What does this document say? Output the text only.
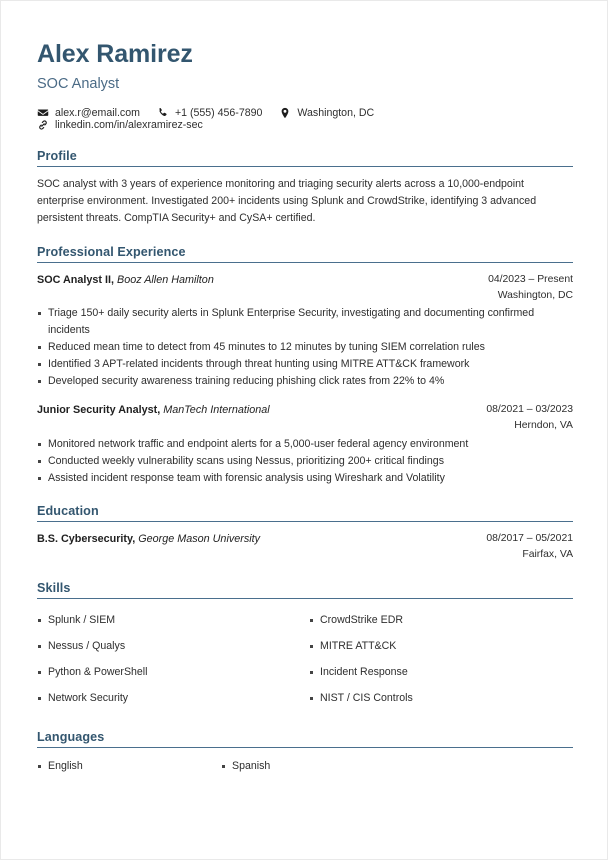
Alex Ramirez
SOC Analyst
alex.r@email.com	+1 (555) 456-7890	Washington, DC
linkedin.com/in/alexramirez-sec
Profile

SOC analyst with 3 years of experience monitoring and triaging security alerts across a 10,000-endpoint enterprise environment. Investigated 200+ incidents using Splunk and CrowdStrike, identifying 3 advanced persistent threats. CompTIA Security+ and CySA+ certified.

Professional Experience
SOC Analyst II, Booz Allen Hamilton	04/2023 – Present
Washington, DC
Triage 150+ daily security alerts in Splunk Enterprise Security, investigating and documenting confirmed incidents
Reduced mean time to detect from 45 minutes to 12 minutes by tuning SIEM correlation rules
Identified 3 APT-related incidents through threat hunting using MITRE ATT&CK framework
Developed security awareness training reducing phishing click rates from 22% to 4%
Junior Security Analyst, ManTech International	08/2021 – 03/2023
Herndon, VA
Monitored network traffic and endpoint alerts for a 5,000-user federal agency environment
Conducted weekly vulnerability scans using Nessus, prioritizing 200+ critical findings
Assisted incident response team with forensic analysis using Wireshark and Volatility
Education
B.S. Cybersecurity, George Mason University	08/2017 – 05/2021
Fairfax, VA
Skills
Splunk / SIEM	CrowdStrike EDR
Nessus / Qualys	MITRE ATT&CK
Python & PowerShell	Incident Response
Network Security	NIST / CIS Controls
Languages
English	Spanish
